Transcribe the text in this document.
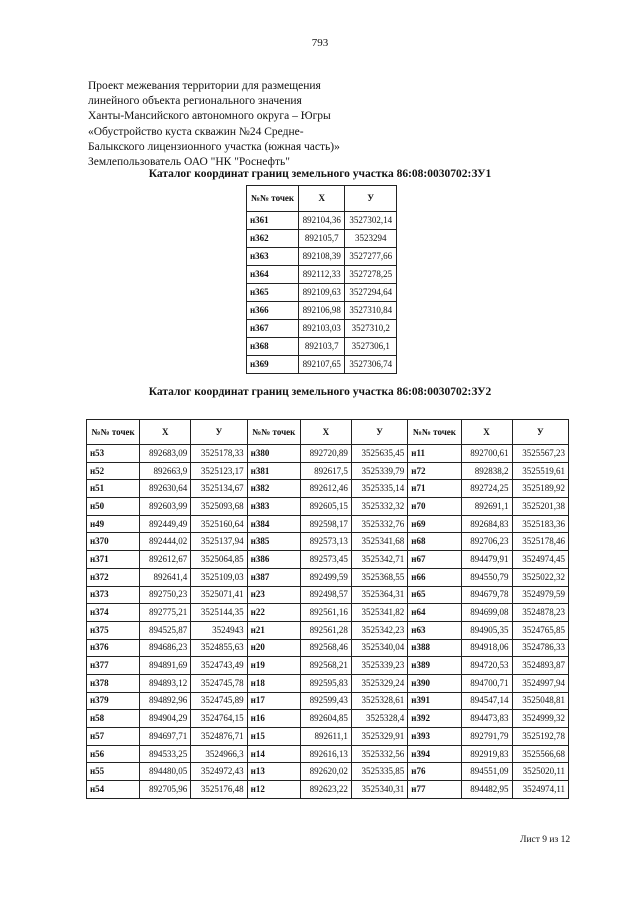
793
Проект межевания территории для размещения
линейного объекта регионального значения
Ханты-Мансийского автономного округа – Югры
«Обустройство куста скважин №24 Средне-
Балыкского лицензионного участка (южная часть)»
Землепользователь ОАО "НК "Роснефть"
Каталог координат границ земельного участка 86:08:0030702:ЗУ1
№№ точек	Х	У
н361	892104,36	3527302,14
н362	892105,7	3523294
н363	892108,39	3527277,66
н364	892112,33	3527278,25
н365	892109,63	3527294,64
н366	892106,98	3527310,84
н367	892103,03	3527310,2
н368	892103,7	3527306,1
н369	892107,65	3527306,74
Каталог координат границ земельного участка 86:08:0030702:ЗУ2
№№ точек	Х	У	№№ точек	Х	У	№№ точек	Х	У
н53	892683,09	3525178,33	н380	892720,89	3525635,45	н11	892700,61	3525567,23
н52	892663,9	3525123,17	н381	892617,5	3525339,79	н72	892838,2	3525519,61
н51	892630,64	3525134,67	н382	892612,46	3525335,14	н71	892724,25	3525189,92
н50	892603,99	3525093,68	н383	892605,15	3525332,32	н70	892691,1	3525201,38
н49	892449,49	3525160,64	н384	892598,17	3525332,76	н69	892684,83	3525183,36
н370	892444,02	3525137,94	н385	892573,13	3525341,68	н68	892706,23	3525178,46
н371	892612,67	3525064,85	н386	892573,45	3525342,71	н67	894479,91	3524974,45
н372	892641,4	3525109,03	н387	892499,59	3525368,55	н66	894550,79	3525022,32
н373	892750,23	3525071,41	н23	892498,57	3525364,31	н65	894679,78	3524979,59
н374	892775,21	3525144,35	н22	892561,16	3525341,82	н64	894699,08	3524878,23
н375	894525,87	3524943	н21	892561,28	3525342,23	н63	894905,35	3524765,85
н376	894686,23	3524855,63	н20	892568,46	3525340,04	н388	894918,06	3524786,33
н377	894891,69	3524743,49	н19	892568,21	3525339,23	н389	894720,53	3524893,87
н378	894893,12	3524745,78	н18	892595,83	3525329,24	н390	894700,71	3524997,94
н379	894892,96	3524745,89	н17	892599,43	3525328,61	н391	894547,14	3525048,81
н58	894904,29	3524764,15	н16	892604,85	3525328,4	н392	894473,83	3524999,32
н57	894697,71	3524876,71	н15	892611,1	3525329,91	н393	892791,79	3525192,78
н56	894533,25	3524966,3	н14	892616,13	3525332,56	н394	892919,83	3525566,68
н55	894480,05	3524972,43	н13	892620,02	3525335,85	н76	894551,09	3525020,11
н54	892705,96	3525176,48	н12	892623,22	3525340,31	н77	894482,95	3524974,11
Лист 9 из 12
